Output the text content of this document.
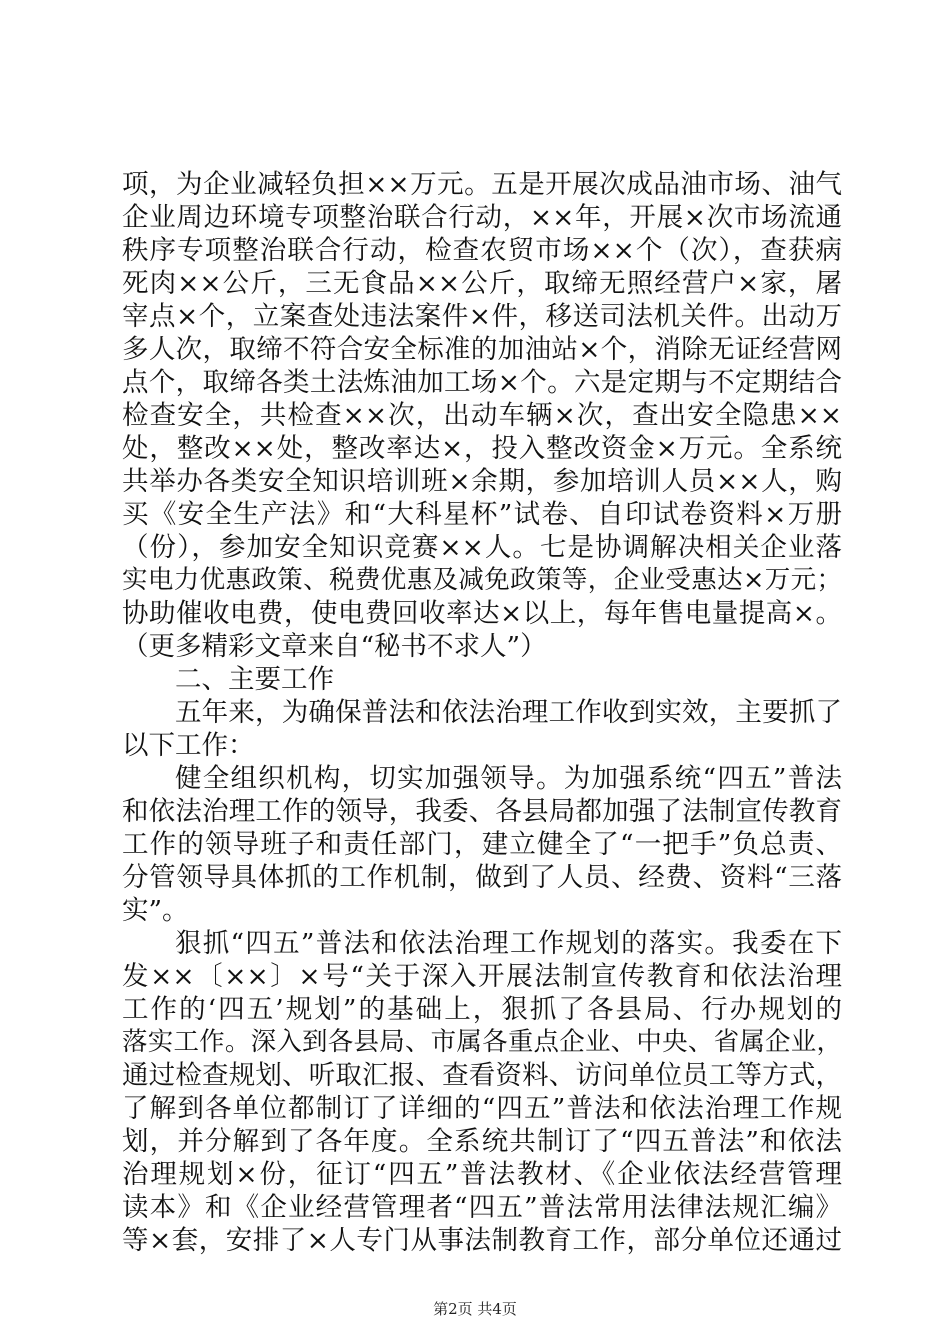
项，为企业减轻负担××万元。五是开展次成品油市场、油气
企业周边环境专项整治联合行动，××年，开展×次市场流通
秩序专项整治联合行动，检查农贸市场××个（次），查获病
死肉××公斤，三无食品××公斤，取缔无照经营户×家，屠
宰点×个，立案查处违法案件×件，移送司法机关件。出动万
多人次，取缔不符合安全标准的加油站×个，消除无证经营网
点个，取缔各类土法炼油加工场×个。六是定期与不定期结合
检查安全，共检查××次，出动车辆×次，查出安全隐患××
处，整改××处，整改率达×，投入整改资金×万元。全系统
共举办各类安全知识培训班×余期，参加培训人员××人，购
买《安全生产法》和“大科星杯”试卷、自印试卷资料×万册
（份），参加安全知识竞赛××人。七是协调解决相关企业落
实电力优惠政策、税费优惠及减免政策等，企业受惠达×万元；
协助催收电费，使电费回收率达×以上，每年售电量提高×。
（更多精彩文章来自“秘书不求人”）
二、主要工作
五年来，为确保普法和依法治理工作收到实效，主要抓了
以下工作：
健全组织机构，切实加强领导。为加强系统“四五”普法
和依法治理工作的领导，我委、各县局都加强了法制宣传教育
工作的领导班子和责任部门，建立健全了“一把手”负总责、
分管领导具体抓的工作机制，做到了人员、经费、资料“三落
实”。
狠抓“四五”普法和依法治理工作规划的落实。我委在下
发××〔××〕×号“关于深入开展法制宣传教育和依法治理
工作的‘四五’规划”的基础上，狠抓了各县局、行办规划的
落实工作。深入到各县局、市属各重点企业、中央、省属企业，
通过检查规划、听取汇报、查看资料、访问单位员工等方式，
了解到各单位都制订了详细的“四五”普法和依法治理工作规
划，并分解到了各年度。全系统共制订了“四五普法”和依法
治理规划×份，征订“四五”普法教材、《企业依法经营管理
读本》和《企业经营管理者“四五”普法常用法律法规汇编》
等×套，安排了×人专门从事法制教育工作，部分单位还通过
第2页 共4页
